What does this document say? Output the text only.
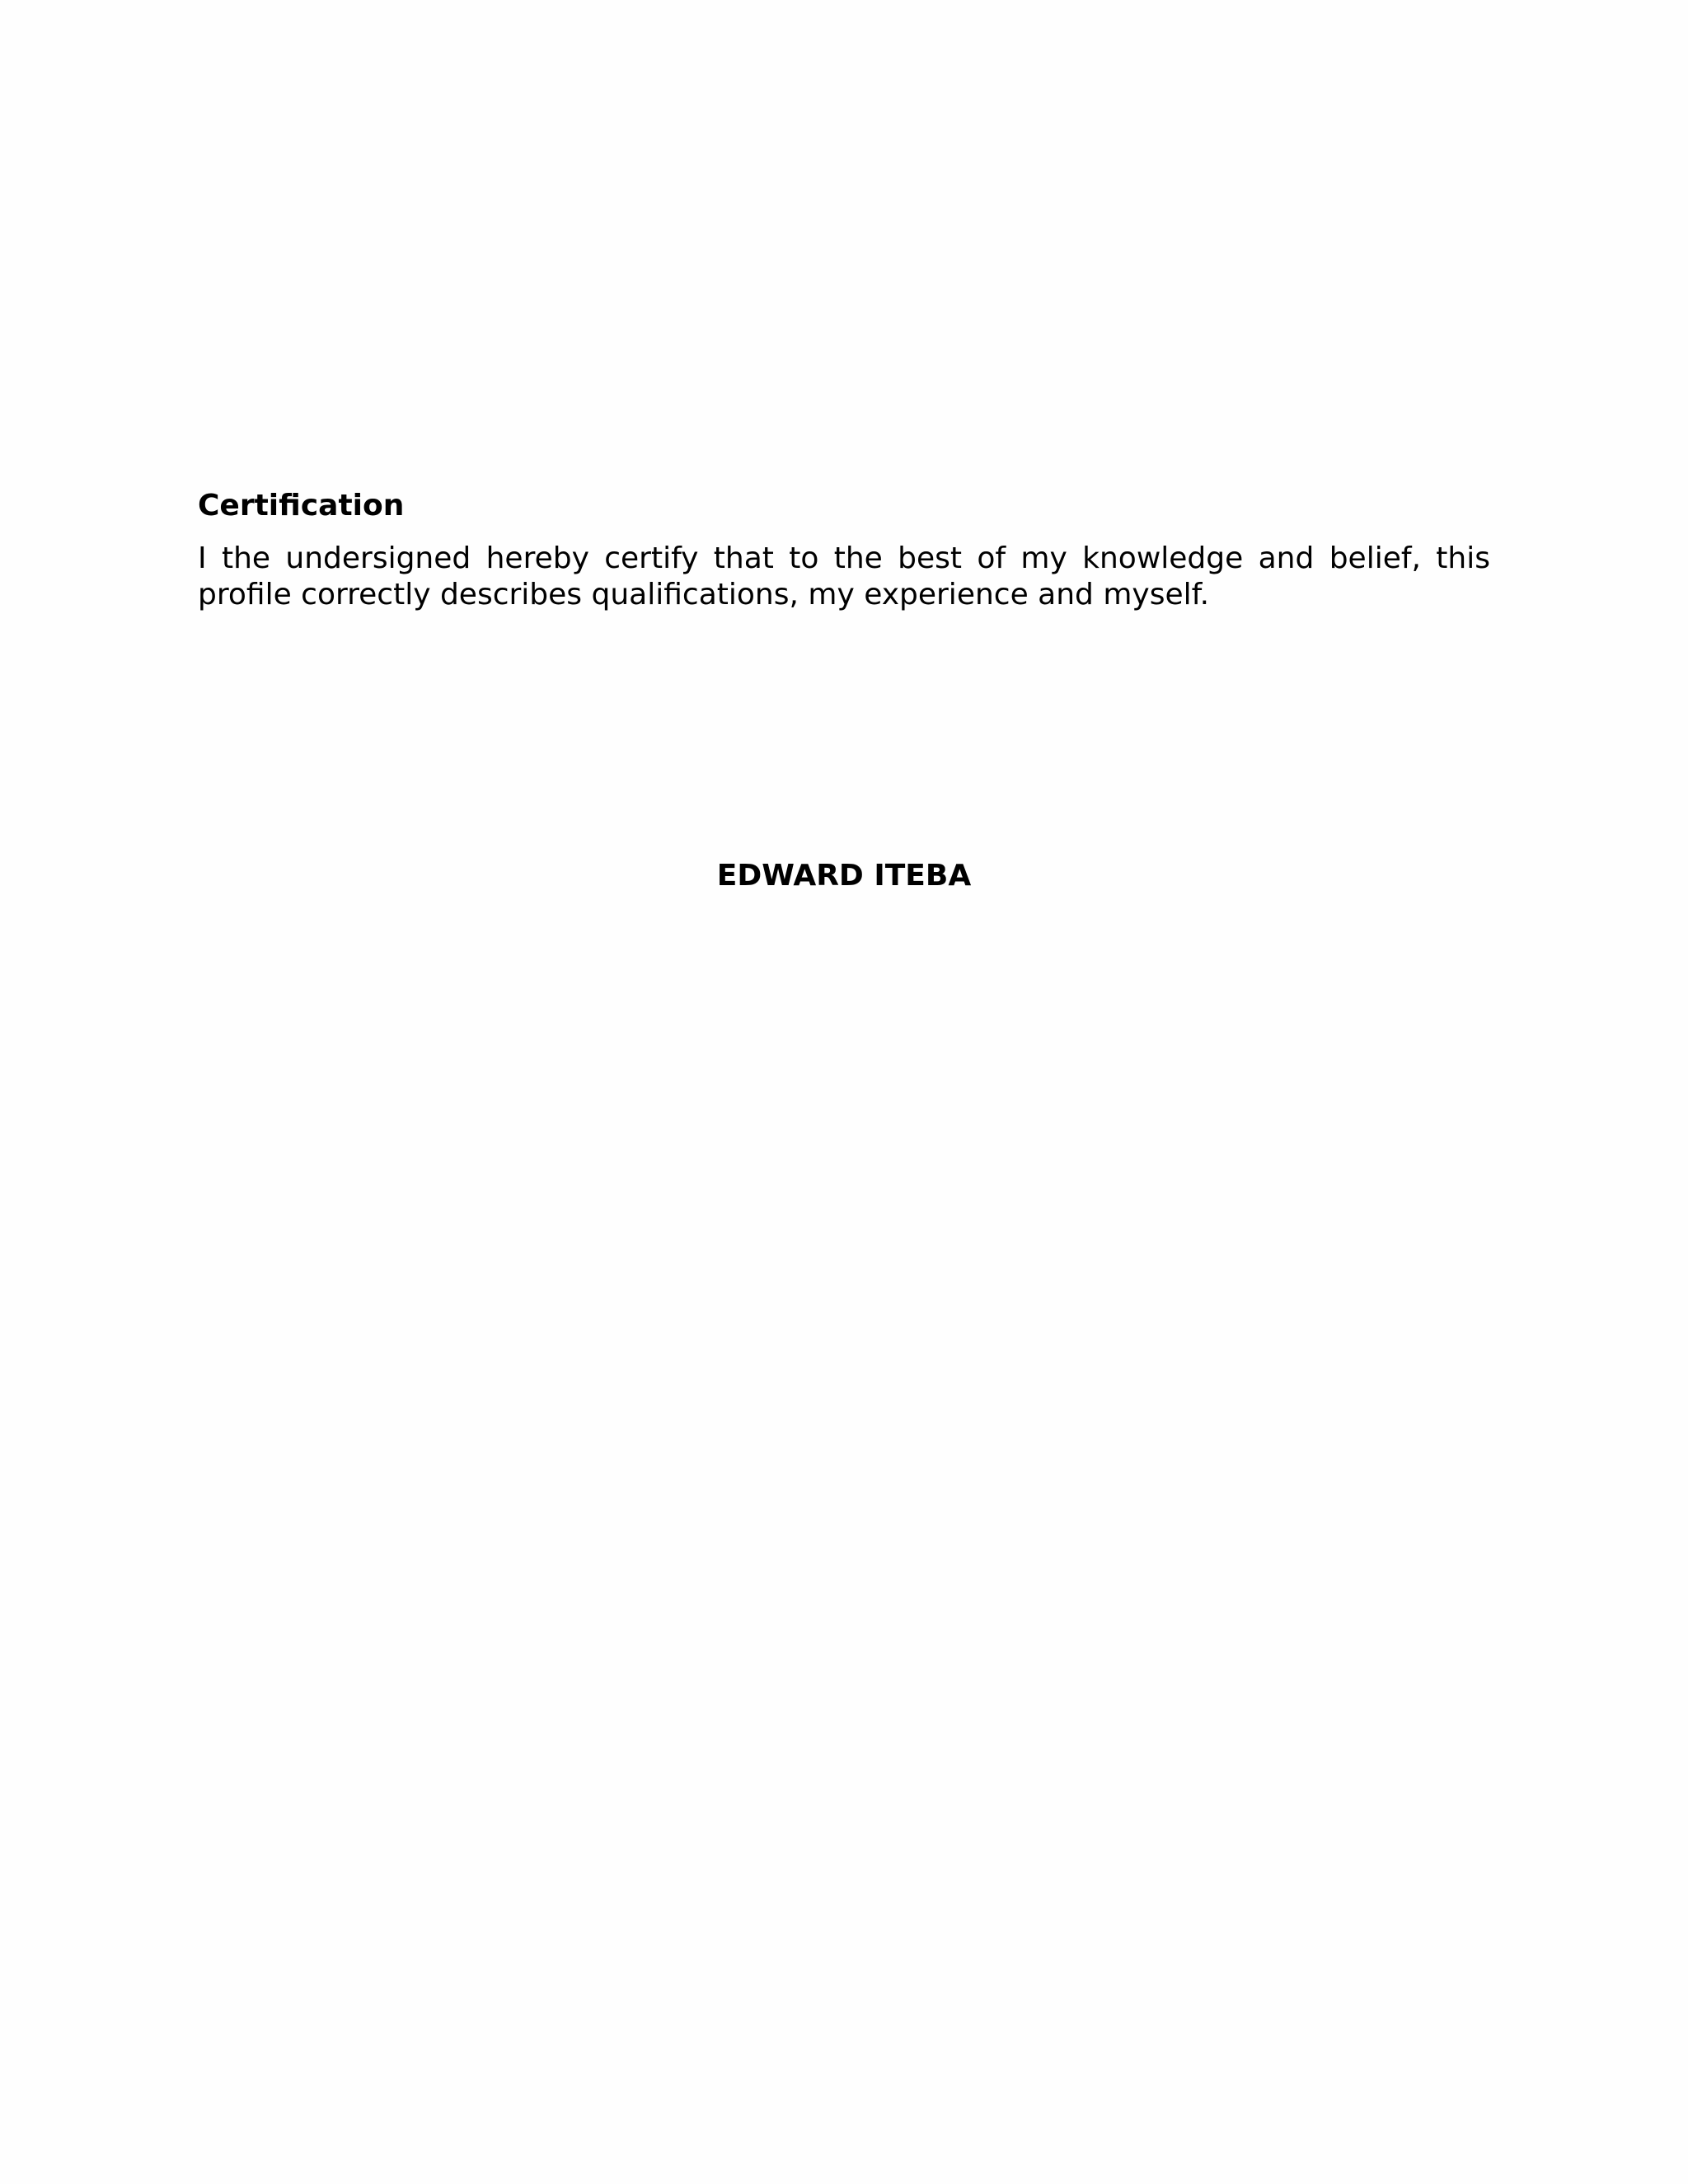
Certification
I the undersigned hereby certify that to the best of my knowledge and belief, this profile correctly describes qualifications, my experience and myself.
EDWARD ITEBA
